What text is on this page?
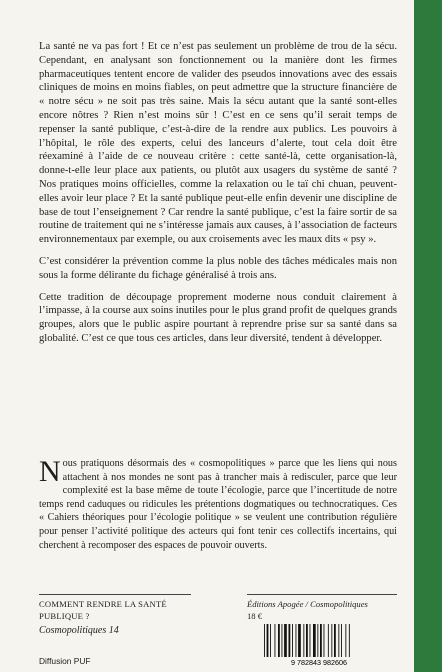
La santé ne va pas fort ! Et ce n’est pas seulement un problème de trou de la sécu. Cependant, en analysant son fonctionnement ou la manière dont les firmes pharmaceutiques tentent encore de valider des pseudos innovations avec des essais cliniques de moins en moins fiables, on peut admettre que la structure financière de « notre sécu » ne soit pas très saine. Mais la sécu autant que la santé sont-elles encore nôtres ? Rien n’est moins sûr ! C’est en ce sens qu’il serait temps de repenser la santé publique, c’est-à-dire de la rendre aux publics. Les pouvoirs à l’hôpital, le rôle des experts, celui des lanceurs d’alerte, tout cela doit être réexaminé à l’aide de ce nouveau critère : cette santé-là, cette organisation-là, donne-t-elle leur place aux patients, ou plutôt aux usagers du système de santé ? Nos pratiques moins officielles, comme la relaxation ou le taï chi chuan, peuvent-elles avoir leur place ? Et la santé publique peut-elle enfin devenir une discipline de base de tout l’enseignement ? Car rendre la santé publique, c’est la faire sortir de sa routine de traitement qui ne s’intéresse jamais aux causes, à l’association de facteurs environnementaux par exemple, ou aux croisements avec les maux dits « psy ».

C’est considérer la prévention comme la plus noble des tâches médicales mais non sous la forme délirante du fichage généralisé à trois ans.

Cette tradition de découpage proprement moderne nous conduit clairement à l’impasse, à la course aux soins inutiles pour le plus grand profit de quelques grands groupes, alors que le public aspire pourtant à reprendre prise sur sa santé dans sa globalité. C’est ce que tous ces articles, dans leur diversité, tendent à développer.

N ous pratiquons désormais des « cosmopolitiques » parce que les liens qui nous attachent à nos mondes ne sont pas à trancher mais à redisculer, parce que leur complexité est la base même de toute l’écologie, parce que l’incertitude de notre temps rend caduques ou ridicules les prétentions dogmatiques ou technocratiques. Ces « Cahiers théoriques pour l’écologie politique » se veulent une contribution régulière pour penser l’activité politique des acteurs qui font tenir ces collectifs incertains, qui cherchent à recomposer des espaces de pouvoir ouverts.

COMMENT RENDRE LA SANTÉ PUBLIQUE ?
Cosmopolitiques 14
Éditions Apogée / Cosmopolitiques
18 €
9 782843 982606
Diffusion PUF
